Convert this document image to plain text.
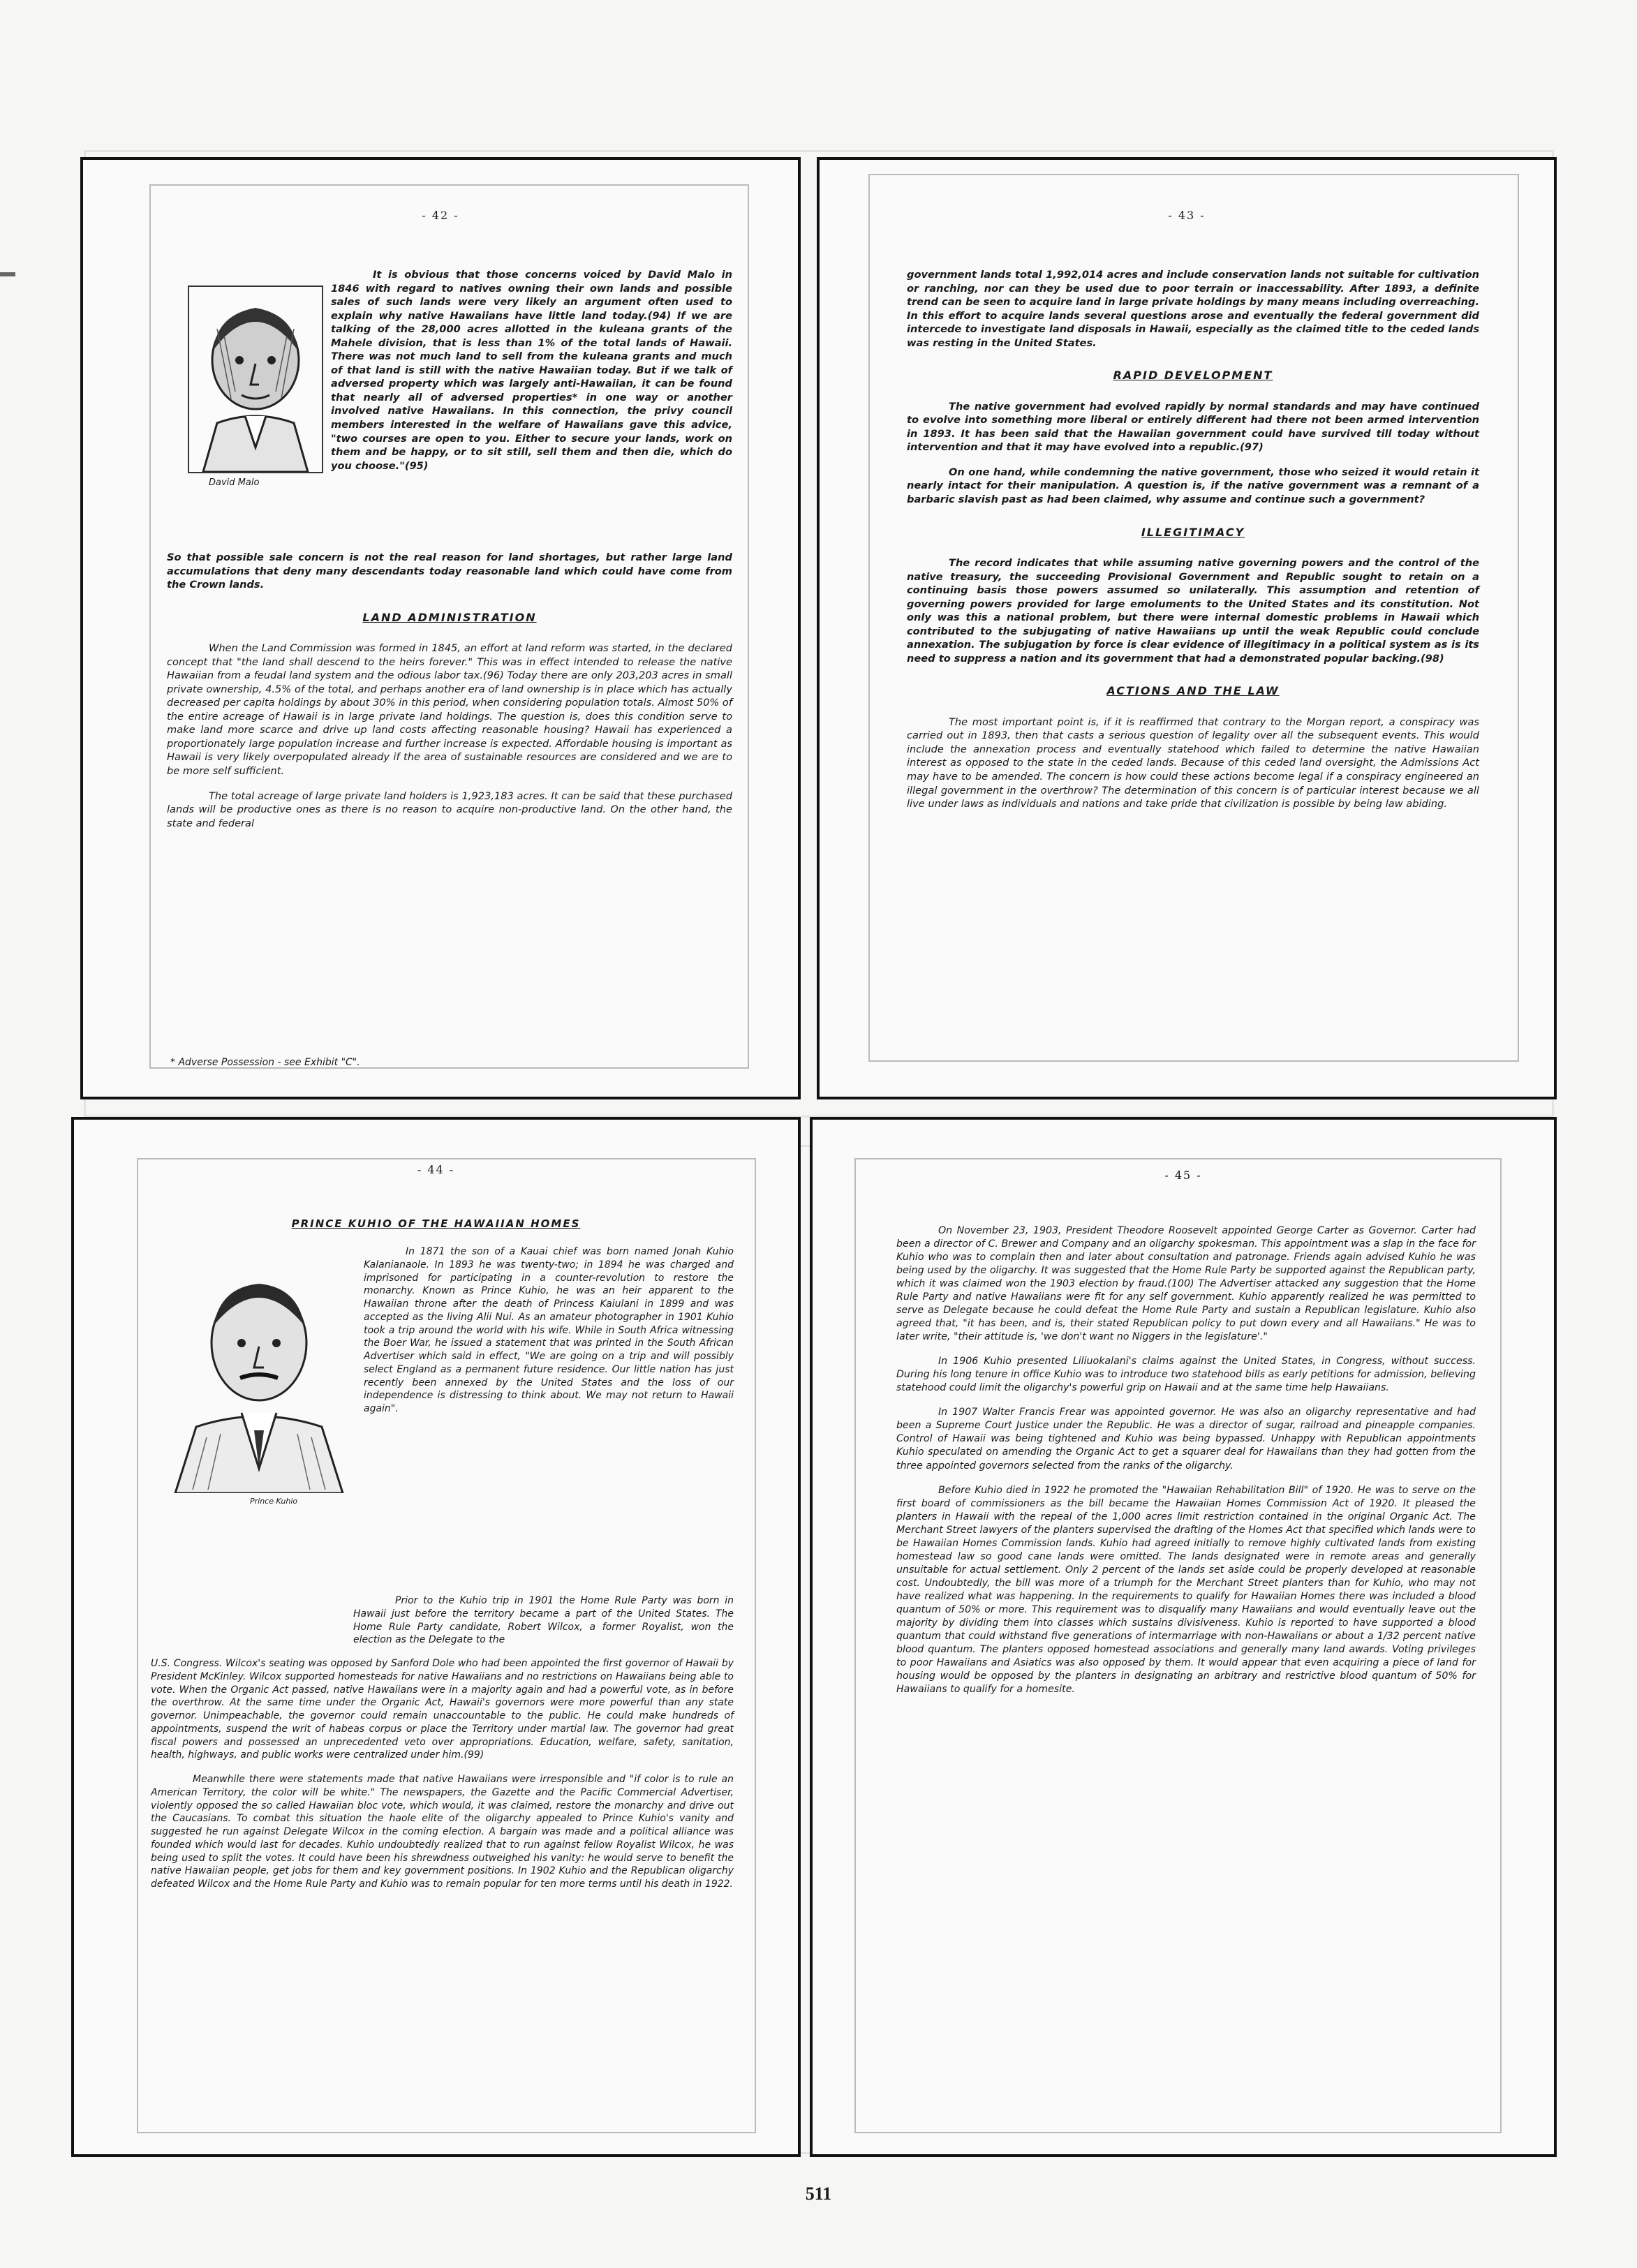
- 42 -
David Malo

It is obvious that those concerns voiced by David Malo in 1846 with regard to natives owning their own lands and possible sales of such lands were very likely an argument often used to explain why native Hawaiians have little land today.(94) If we are talking of the 28,000 acres allotted in the kuleana grants of the Mahele division, that is less than 1% of the total lands of Hawaii. There was not much land to sell from the kuleana grants and much of that land is still with the native Hawaiian today. But if we talk of adversed property which was largely anti-Hawaiian, it can be found that nearly all of adversed properties* in one way or another involved native Hawaiians. In this connection, the privy council members interested in the welfare of Hawaiians gave this advice, "two courses are open to you. Either to secure your lands, work on them and be happy, or to sit still, sell them and then die, which do you choose."(95)

So that possible sale concern is not the real reason for land shortages, but rather large land accumulations that deny many descendants today reasonable land which could have come from the Crown lands.

LAND ADMINISTRATION

When the Land Commission was formed in 1845, an effort at land reform was started, in the declared concept that "the land shall descend to the heirs forever." This was in effect intended to release the native Hawaiian from a feudal land system and the odious labor tax.(96) Today there are only 203,203 acres in small private ownership, 4.5% of the total, and perhaps another era of land ownership is in place which has actually decreased per capita holdings by about 30% in this period, when considering population totals. Almost 50% of the entire acreage of Hawaii is in large private land holdings. The question is, does this condition serve to make land more scarce and drive up land costs affecting reasonable housing? Hawaii has experienced a proportionately large population increase and further increase is expected. Affordable housing is important as Hawaii is very likely overpopulated already if the area of sustainable resources are considered and we are to be more self sufficient.

The total acreage of large private land holders is 1,923,183 acres. It can be said that these purchased lands will be productive ones as there is no reason to acquire non-productive land. On the other hand, the state and federal

* Adverse Possession - see Exhibit "C".
- 43 -

government lands total 1,992,014 acres and include conservation lands not suitable for cultivation or ranching, nor can they be used due to poor terrain or inaccessability. After 1893, a definite trend can be seen to acquire land in large private holdings by many means including overreaching. In this effort to acquire lands several questions arose and eventually the federal government did intercede to investigate land disposals in Hawaii, especially as the claimed title to the ceded lands was resting in the United States.

RAPID DEVELOPMENT

The native government had evolved rapidly by normal standards and may have continued to evolve into something more liberal or entirely different had there not been armed intervention in 1893. It has been said that the Hawaiian government could have survived till today without intervention and that it may have evolved into a republic.(97)

On one hand, while condemning the native government, those who seized it would retain it nearly intact for their manipulation. A question is, if the native government was a remnant of a barbaric slavish past as had been claimed, why assume and continue such a government?

ILLEGITIMACY

The record indicates that while assuming native governing powers and the control of the native treasury, the succeeding Provisional Government and Republic sought to retain on a continuing basis those powers assumed so unilaterally. This assumption and retention of governing powers provided for large emoluments to the United States and its constitution. Not only was this a national problem, but there were internal domestic problems in Hawaii which contributed to the subjugating of native Hawaiians up until the weak Republic could conclude annexation. The subjugation by force is clear evidence of illegitimacy in a political system as is its need to suppress a nation and its government that had a demonstrated popular backing.(98)

ACTIONS AND THE LAW

The most important point is, if it is reaffirmed that contrary to the Morgan report, a conspiracy was carried out in 1893, then that casts a serious question of legality over all the subsequent events. This would include the annexation process and eventually statehood which failed to determine the native Hawaiian interest as opposed to the state in the ceded lands. Because of this ceded land oversight, the Admissions Act may have to be amended. The concern is how could these actions become legal if a conspiracy engineered an illegal government in the overthrow? The determination of this concern is of particular interest because we all live under laws as individuals and nations and take pride that civilization is possible by being law abiding.

- 44 -
PRINCE KUHIO OF THE HAWAIIAN HOMES
Prince Kuhio

In 1871 the son of a Kauai chief was born named Jonah Kuhio Kalanianaole. In 1893 he was twenty-two; in 1894 he was charged and imprisoned for participating in a counter-revolution to restore the monarchy. Known as Prince Kuhio, he was an heir apparent to the Hawaiian throne after the death of Princess Kaiulani in 1899 and was accepted as the living Alii Nui. As an amateur photographer in 1901 Kuhio took a trip around the world with his wife. While in South Africa witnessing the Boer War, he issued a statement that was printed in the South African Advertiser which said in effect, "We are going on a trip and will possibly select England as a permanent future residence. Our little nation has just recently been annexed by the United States and the loss of our independence is distressing to think about. We may not return to Hawaii again".

Prior to the Kuhio trip in 1901 the Home Rule Party was born in Hawaii just before the territory became a part of the United States. The Home Rule Party candidate, Robert Wilcox, a former Royalist, won the election as the Delegate to the

U.S. Congress. Wilcox's seating was opposed by Sanford Dole who had been appointed the first governor of Hawaii by President McKinley. Wilcox supported homesteads for native Hawaiians and no restrictions on Hawaiians being able to vote. When the Organic Act passed, native Hawaiians were in a majority again and had a powerful vote, as in before the overthrow. At the same time under the Organic Act, Hawaii's governors were more powerful than any state governor. Unimpeachable, the governor could remain unaccountable to the public. He could make hundreds of appointments, suspend the writ of habeas corpus or place the Territory under martial law. The governor had great fiscal powers and possessed an unprecedented veto over appropriations. Education, welfare, safety, sanitation, health, highways, and public works were centralized under him.(99)

Meanwhile there were statements made that native Hawaiians were irresponsible and "if color is to rule an American Territory, the color will be white." The newspapers, the Gazette and the Pacific Commercial Advertiser, violently opposed the so called Hawaiian bloc vote, which would, it was claimed, restore the monarchy and drive out the Caucasians. To combat this situation the haole elite of the oligarchy appealed to Prince Kuhio's vanity and suggested he run against Delegate Wilcox in the coming election. A bargain was made and a political alliance was founded which would last for decades. Kuhio undoubtedly realized that to run against fellow Royalist Wilcox, he was being used to split the votes. It could have been his shrewdness outweighed his vanity: he would serve to benefit the native Hawaiian people, get jobs for them and key government positions. In 1902 Kuhio and the Republican oligarchy defeated Wilcox and the Home Rule Party and Kuhio was to remain popular for ten more terms until his death in 1922.

- 45 -

On November 23, 1903, President Theodore Roosevelt appointed George Carter as Governor. Carter had been a director of C. Brewer and Company and an oligarchy spokesman. This appointment was a slap in the face for Kuhio who was to complain then and later about consultation and patronage. Friends again advised Kuhio he was being used by the oligarchy. It was suggested that the Home Rule Party be supported against the Republican party, which it was claimed won the 1903 election by fraud.(100) The Advertiser attacked any suggestion that the Home Rule Party and native Hawaiians were fit for any self government. Kuhio apparently realized he was permitted to serve as Delegate because he could defeat the Home Rule Party and sustain a Republican legislature. Kuhio also agreed that, "it has been, and is, their stated Republican policy to put down every and all Hawaiians." He was to later write, "their attitude is, 'we don't want no Niggers in the legislature'."

In 1906 Kuhio presented Liliuokalani's claims against the United States, in Congress, without success. During his long tenure in office Kuhio was to introduce two statehood bills as early petitions for admission, believing statehood could limit the oligarchy's powerful grip on Hawaii and at the same time help Hawaiians.

In 1907 Walter Francis Frear was appointed governor. He was also an oligarchy representative and had been a Supreme Court Justice under the Republic. He was a director of sugar, railroad and pineapple companies. Control of Hawaii was being tightened and Kuhio was being bypassed. Unhappy with Republican appointments Kuhio speculated on amending the Organic Act to get a squarer deal for Hawaiians than they had gotten from the three appointed governors selected from the ranks of the oligarchy.

Before Kuhio died in 1922 he promoted the "Hawaiian Rehabilitation Bill" of 1920. He was to serve on the first board of commissioners as the bill became the Hawaiian Homes Commission Act of 1920. It pleased the planters in Hawaii with the repeal of the 1,000 acres limit restriction contained in the original Organic Act. The Merchant Street lawyers of the planters supervised the drafting of the Homes Act that specified which lands were to be Hawaiian Homes Commission lands. Kuhio had agreed initially to remove highly cultivated lands from existing homestead law so good cane lands were omitted. The lands designated were in remote areas and generally unsuitable for actual settlement. Only 2 percent of the lands set aside could be properly developed at reasonable cost. Undoubtedly, the bill was more of a triumph for the Merchant Street planters than for Kuhio, who may not have realized what was happening. In the requirements to qualify for Hawaiian Homes there was included a blood quantum of 50% or more. This requirement was to disqualify many Hawaiians and would eventually leave out the majority by dividing them into classes which sustains divisiveness. Kuhio is reported to have supported a blood quantum that could withstand five generations of intermarriage with non-Hawaiians or about a 1/32 percent native blood quantum. The planters opposed homestead associations and generally many land awards. Voting privileges to poor Hawaiians and Asiatics was also opposed by them. It would appear that even acquiring a piece of land for housing would be opposed by the planters in designating an arbitrary and restrictive blood quantum of 50% for Hawaiians to qualify for a homesite.

511
